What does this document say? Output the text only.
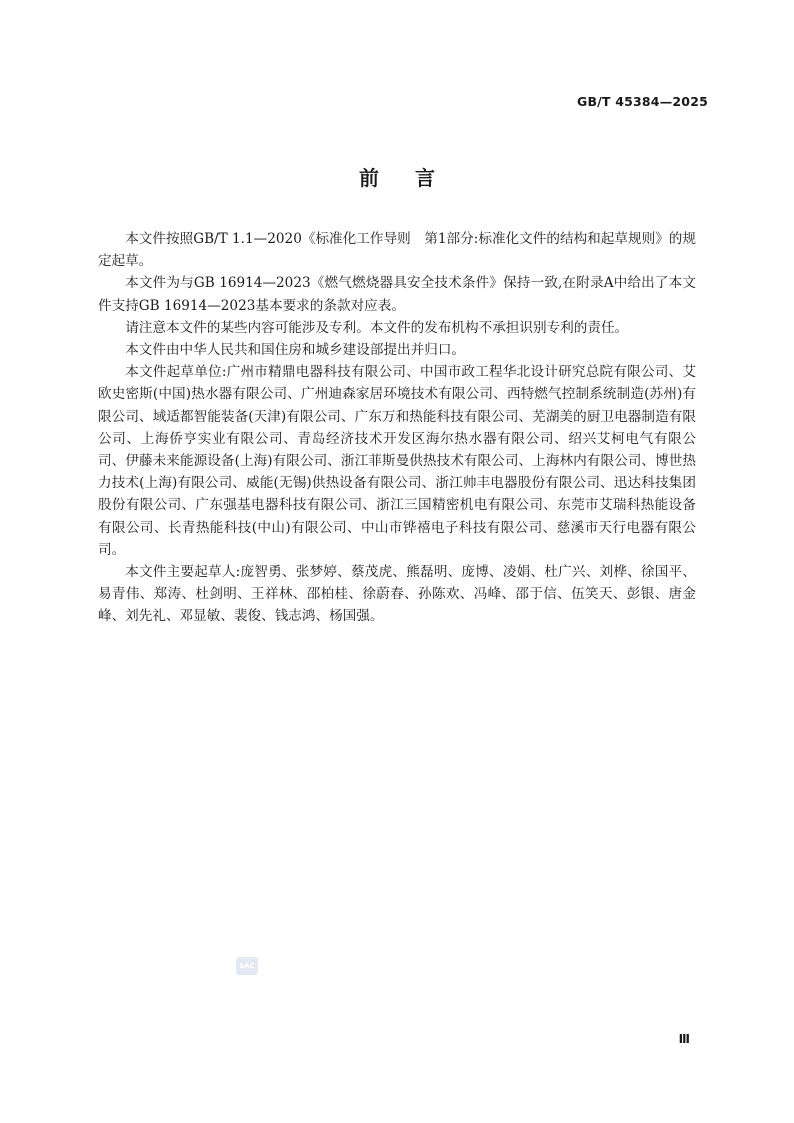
GB/T 45384—2025
前言

本文件按照GB/T 1.1—2020《标准化工作导则　第1部分:标准化文件的结构和起草规则》的规定起草。

本文件为与GB 16914—2023《燃气燃烧器具安全技术条件》保持一致,在附录A中给出了本文件支持GB 16914—2023基本要求的条款对应表。

请注意本文件的某些内容可能涉及专利。本文件的发布机构不承担识别专利的责任。

本文件由中华人民共和国住房和城乡建设部提出并归口。

本文件起草单位:广州市精鼎电器科技有限公司、中国市政工程华北设计研究总院有限公司、艾欧史密斯(中国)热水器有限公司、广州迪森家居环境技术有限公司、西特燃气控制系统制造(苏州)有限公司、域适都智能装备(天津)有限公司、广东万和热能科技有限公司、芜湖美的厨卫电器制造有限公司、上海侨亨实业有限公司、青岛经济技术开发区海尔热水器有限公司、绍兴艾柯电气有限公司、伊藤未来能源设备(上海)有限公司、浙江菲斯曼供热技术有限公司、上海林内有限公司、博世热力技术(上海)有限公司、威能(无锡)供热设备有限公司、浙江帅丰电器股份有限公司、迅达科技集团股份有限公司、广东强基电器科技有限公司、浙江三国精密机电有限公司、东莞市艾瑞科热能设备有限公司、长青热能科技(中山)有限公司、中山市铧禧电子科技有限公司、慈溪市天行电器有限公司。

本文件主要起草人:庞智勇、张梦婷、蔡茂虎、熊磊明、庞博、凌娟、杜广兴、刘桦、徐国平、易青伟、郑涛、杜剑明、王祥林、邵柏桂、徐蔚春、孙陈欢、冯峰、邵于信、伍笑天、彭银、唐金峰、刘先礼、邓显敏、裴俊、钱志鸿、杨国强。

SAC
Ⅲ
